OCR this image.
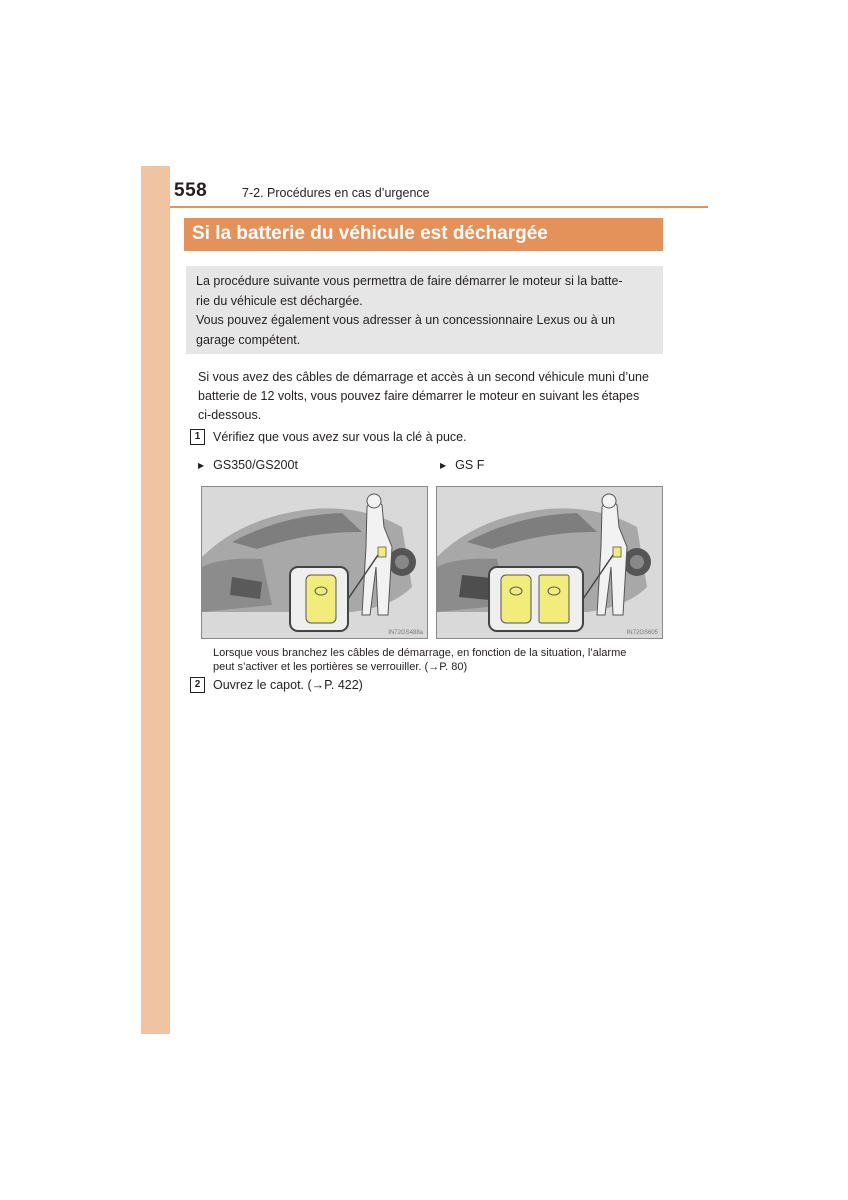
558	7-2. Procédures en cas d’urgence
Si la batterie du véhicule est déchargée

La procédure suivante vous permettra de faire démarrer le moteur si la batte-

rie du véhicule est déchargée.

Vous pouvez également vous adresser à un concessionnaire Lexus ou à un

garage compétent.

Si vous avez des câbles de démarrage et accès à un second véhicule muni d’une
batterie de 12 volts, vous pouvez faire démarrer le moteur en suivant les étapes
ci-dessous.
1 Vérifiez que vous avez sur vous la clé à puce.
▶ GS350/GS200t	▶ GS F
IN72GS488a	IN72GS605
Lorsque vous branchez les câbles de démarrage, en fonction de la situation, l’alarme
peut s’activer et les portières se verrouiller. (→P. 80)
2 Ouvrez le capot. (→P. 422)
